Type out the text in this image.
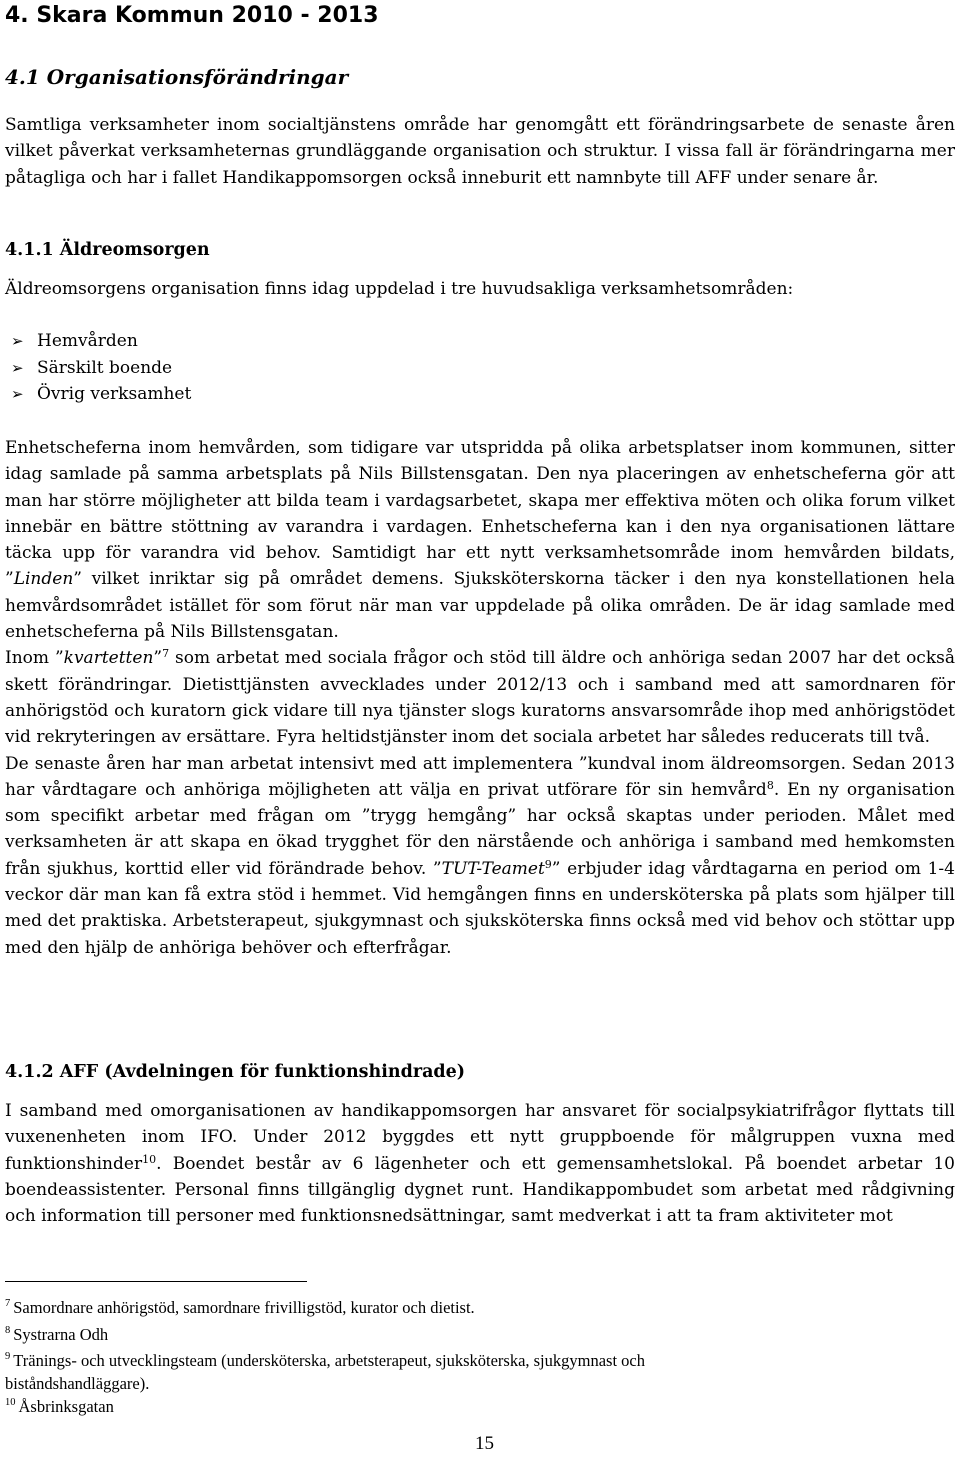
4. Skara Kommun 2010 - 2013
4.1 Organisationsförändringar

Samtliga verksamheter inom socialtjänstens område har genomgått ett förändringsarbete de senaste åren vilket påverkat verksamheternas grundläggande organisation och struktur. I vissa fall är förändringarna mer påtagliga och har i fallet Handikappomsorgen också inneburit ett namnbyte till AFF under senare år.

4.1.1 Äldreomsorgen

Äldreomsorgens organisation finns idag uppdelad i tre huvudsakliga verksamhetsområden:

➢ Hemvården
➢ Särskilt boende
➢ Övrig verksamhet

Enhetscheferna inom hemvården, som tidigare var utspridda på olika arbetsplatser inom kommunen, sitter idag samlade på samma arbetsplats på Nils Billstensgatan. Den nya placeringen av enhetscheferna gör att man har större möjligheter att bilda team i vardagsarbetet, skapa mer effektiva möten och olika forum vilket innebär en bättre stöttning av varandra i vardagen. Enhetscheferna kan i den nya organisationen lättare täcka upp för varandra vid behov. Samtidigt har ett nytt verksamhetsområde inom hemvården bildats, ”Linden” vilket inriktar sig på området demens. Sjuksköterskorna täcker i den nya konstellationen hela hemvårdsområdet istället för som förut när man var uppdelade på olika områden. De är idag samlade med enhetscheferna på Nils Billstensgatan.

Inom ”kvartetten”$^7$ som arbetat med sociala frågor och stöd till äldre och anhöriga sedan 2007 har det också skett förändringar. Dietisttjänsten avvecklades under 2012/13 och i samband med att samordnaren för anhörigstöd och kuratorn gick vidare till nya tjänster slogs kuratorns ansvarsområde ihop med anhörigstödet vid rekryteringen av ersättare. Fyra heltidstjänster inom det sociala arbetet har således reducerats till två.

De senaste åren har man arbetat intensivt med att implementera ”kundval inom äldreomsorgen. Sedan 2013 har vårdtagare och anhöriga möjligheten att välja en privat utförare för sin hemvård$^8$. En ny organisation som specifikt arbetar med frågan om ”trygg hemgång” har också skaptas under perioden. Målet med verksamheten är att skapa en ökad trygghet för den närstående och anhöriga i samband med hemkomsten från sjukhus, korttid eller vid förändrade behov. ”TUT-Teamet$^9$” erbjuder idag vårdtagarna en period om 1-4 veckor där man kan få extra stöd i hemmet. Vid hemgången finns en undersköterska på plats som hjälper till med det praktiska. Arbetsterapeut, sjukgymnast och sjuksköterska finns också med vid behov och stöttar upp med den hjälp de anhöriga behöver och efterfrågar.

4.1.2 AFF (Avdelningen för funktionshindrade)

I samband med omorganisationen av handikappomsorgen har ansvaret för socialpsykiatrifrågor flyttats till vuxenenheten inom IFO. Under 2012 byggdes ett nytt gruppboende för målgruppen vuxna med funktionshinder$^{10}$. Boendet består av 6 lägenheter och ett gemensamhetslokal. På boendet arbetar 10 boendeassistenter. Personal finns tillgänglig dygnet runt. Handikappombudet som arbetat med rådgivning och information till personer med funktionsnedsättningar, samt medverkat i att ta fram aktiviteter mot

$^7$ Samordnare anhörigstöd, samordnare frivilligstöd, kurator och dietist.
$^8$ Systrarna Odh
$^9$ Tränings- och utvecklingsteam (undersköterska, arbetsterapeut, sjuksköterska, sjukgymnast och
biståndshandläggare).
$^{10}$ Åsbrinksgatan
15
